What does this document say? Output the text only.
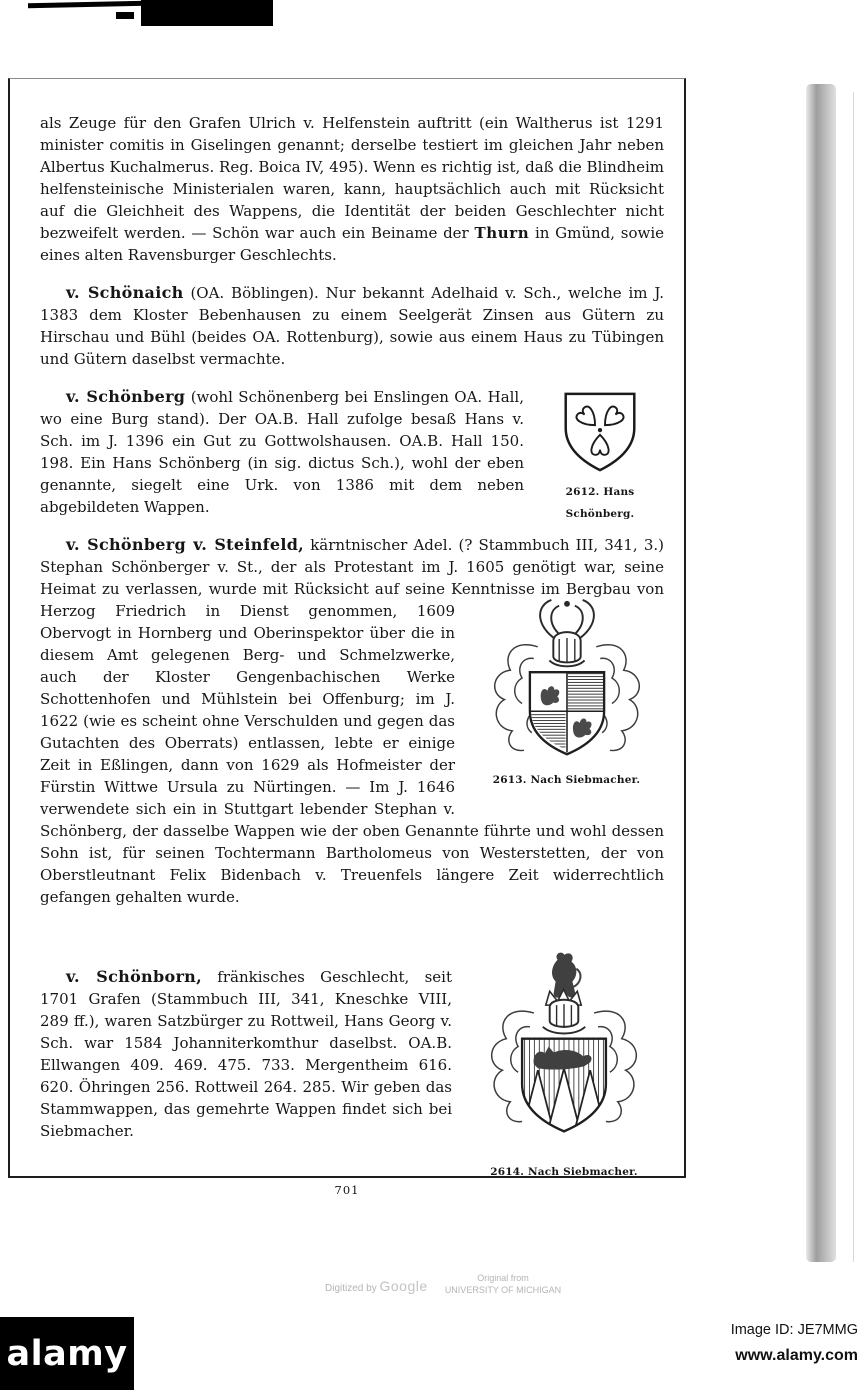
als Zeuge für den Grafen Ulrich v. Helfenstein auftritt (ein Waltherus ist 1291 minister comitis in Giselingen genannt; derselbe testiert im gleichen Jahr neben Albertus Kuchalmerus. Reg. Boica IV, 495). Wenn es richtig ist, daß die Blindheim helfensteinische Ministerialen waren, kann, hauptsächlich auch mit Rücksicht auf die Gleichheit des Wappens, die Identität der beiden Geschlechter nicht bezweifelt werden. — Schön war auch ein Beiname der Thurn in Gmünd, sowie eines alten Ravensburger Geschlechts.

v. Schönaich (OA. Böblingen). Nur bekannt Adelhaid v. Sch., welche im J. 1383 dem Kloster Bebenhausen zu einem Seelgerät Zinsen aus Gütern zu Hirschau und Bühl (beides OA. Rottenburg), sowie aus einem Haus zu Tübingen und Gütern daselbst vermachte.

2612. Hans Schönberg.
v. Schönberg (wohl Schönenberg bei Enslingen OA. Hall, wo eine Burg stand). Der OA.B. Hall zufolge besaß Hans v. Sch. im J. 1396 ein Gut zu Gottwolshausen. OA.B. Hall 150. 198. Ein Hans Schönberg (in sig. dictus Sch.), wohl der eben genannte, siegelt eine Urk. von 1386 mit dem neben abgebildeten Wappen.

v. Schönberg v. Steinfeld, kärntnischer Adel. (? Stammbuch III, 341, 3.) Stephan Schönberger v. St., der als Protestant im J. 1605 genötigt war, seine Heimat zu verlassen, wurde mit Rücksicht auf seine Kenntnisse im Bergbau von
2613. Nach Siebmacher.
Herzog Friedrich in Dienst genommen, 1609 Obervogt in Hornberg und Oberinspektor über die in diesem Amt gelegenen Berg- und Schmelzwerke, auch der Kloster Gengenbachischen Werke Schottenhofen und Mühlstein bei Offenburg; im J. 1622 (wie es scheint ohne Verschulden und gegen das Gutachten des Oberrats) entlassen, lebte er einige Zeit in Eßlingen, dann von 1629 als Hofmeister der Fürstin Wittwe Ursula zu Nürtingen. — Im J. 1646 verwendete sich ein in Stuttgart lebender Stephan v. Schönberg, der dasselbe Wappen wie der oben Genannte führte und wohl dessen Sohn ist, für seinen Tochtermann Bartholomeus von Westerstetten, der von Oberstleutnant Felix Bidenbach v. Treuenfels längere Zeit widerrechtlich gefangen gehalten wurde.

2614. Nach Siebmacher.
v. Schönborn, fränkisches Geschlecht, seit 1701 Grafen (Stammbuch III, 341, Kneschke VIII, 289 ff.), waren Satzbürger zu Rottweil, Hans Georg v. Sch. war 1584 Johanniterkomthur daselbst. OA.B. Ellwangen 409. 469. 475. 733. Mergentheim 616. 620. Öhringen 256. Rottweil 264. 285. Wir geben das Stammwappen, das gemehrte Wappen findet sich bei Siebmacher.

701
Digitized by Google	Original from
UNIVERSITY OF MICHIGAN
alamy
Image ID: JE7MMG
www.alamy.com
